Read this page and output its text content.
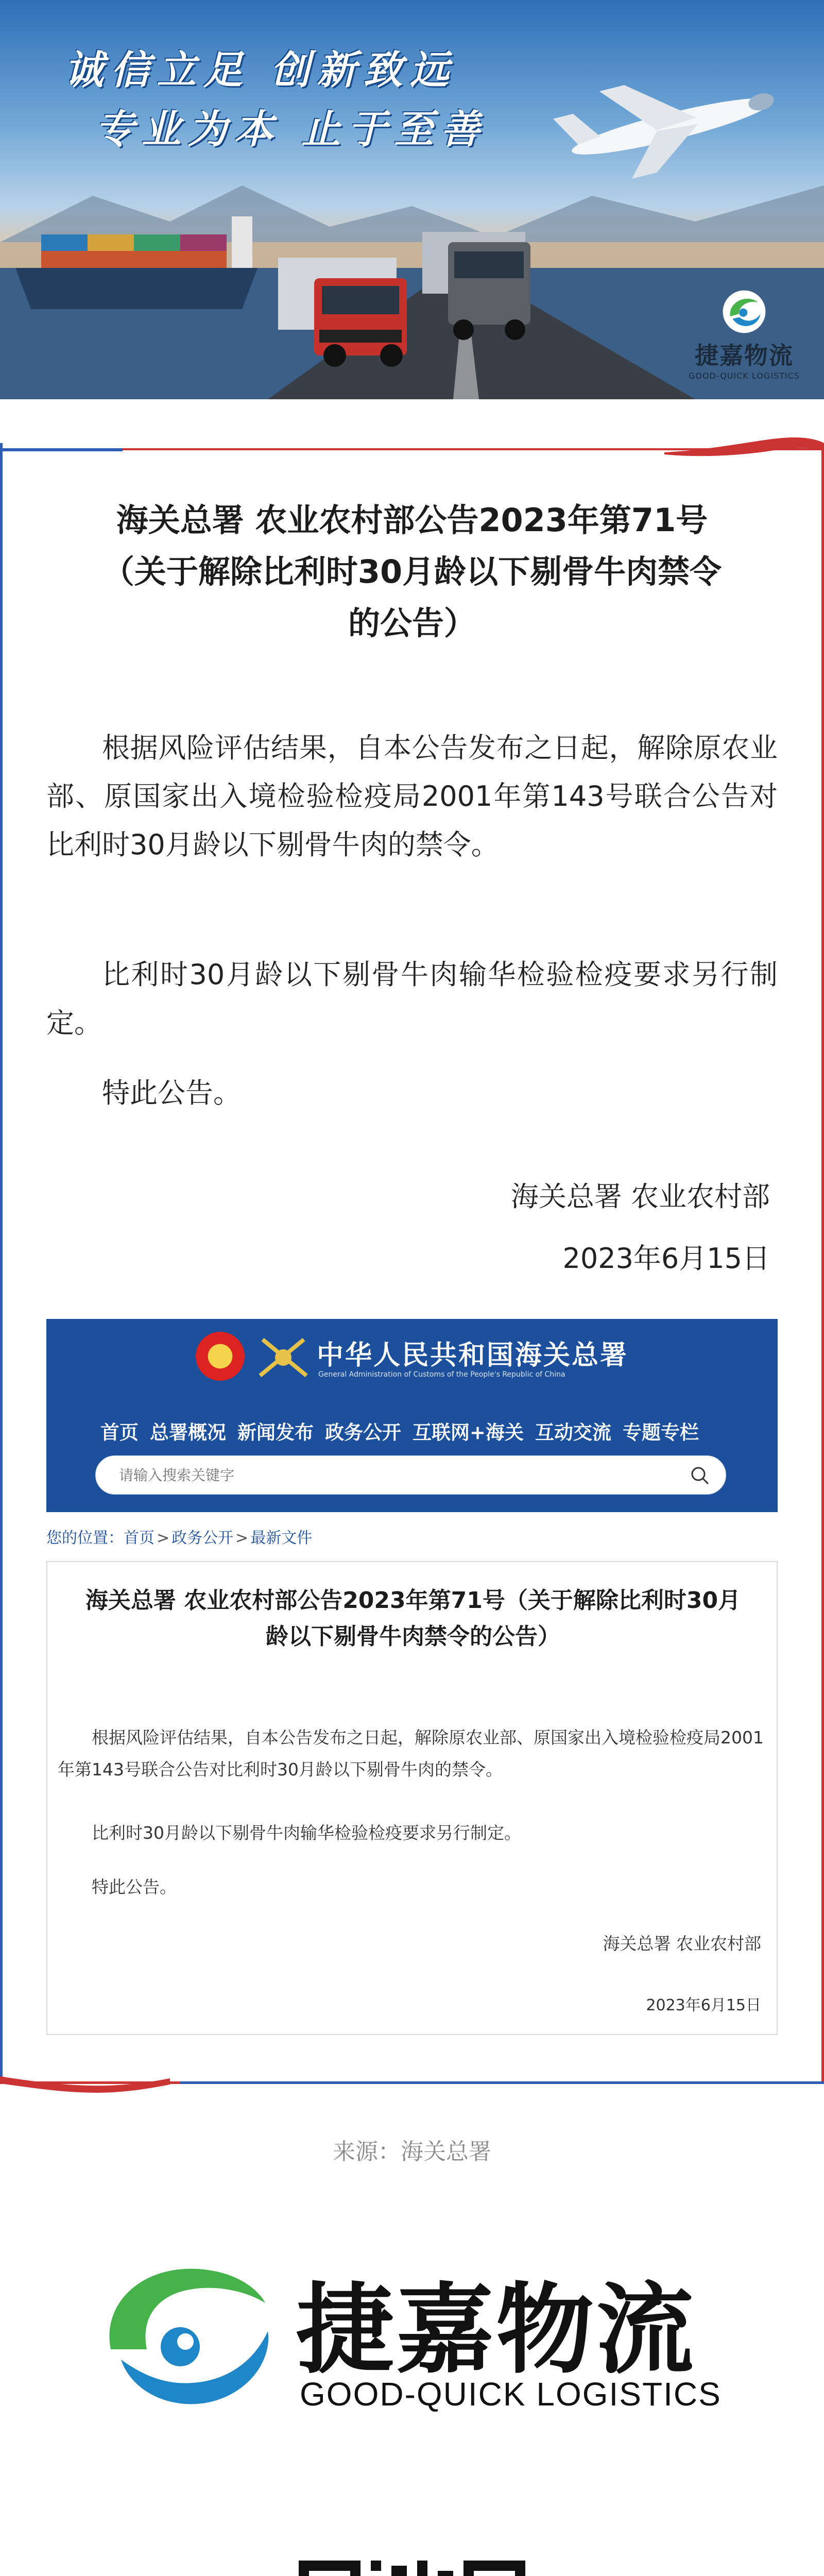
诚信立足 创新致远
专业为本 止于至善
捷嘉物流
GOOD-QUICK LOGISTICS
海关总署 农业农村部公告2023年第71号
（关于解除比利时30月龄以下剔骨牛肉禁令
的公告）

根据风险评估结果，自本公告发布之日起，解除原农业部、原国家出入境检验检疫局2001年第143号联合公告对比利时30月龄以下剔骨牛肉的禁令。

比利时30月龄以下剔骨牛肉输华检验检疫要求另行制定。

特此公告。

海关总署 农业农村部
2023年6月15日
中华人民共和国海关总署
General Administration of Customs of the People's Republic of China
首页 总署概况 新闻发布 政务公开 互联网+海关 互动交流 专题专栏
请输入搜索关键字
您的位置：首页 > 政务公开 > 最新文件
海关总署 农业农村部公告2023年第71号（关于解除比利时30月
龄以下剔骨牛肉禁令的公告）

根据风险评估结果，自本公告发布之日起，解除原农业部、原国家出入境检验检疫局2001年第143号联合公告对比利时30月龄以下剔骨牛肉的禁令。

比利时30月龄以下剔骨牛肉输华检验检疫要求另行制定。

特此公告。

海关总署 农业农村部
2023年6月15日
来源：海关总署
捷嘉物流
GOOD-QUICK LOGISTICS
